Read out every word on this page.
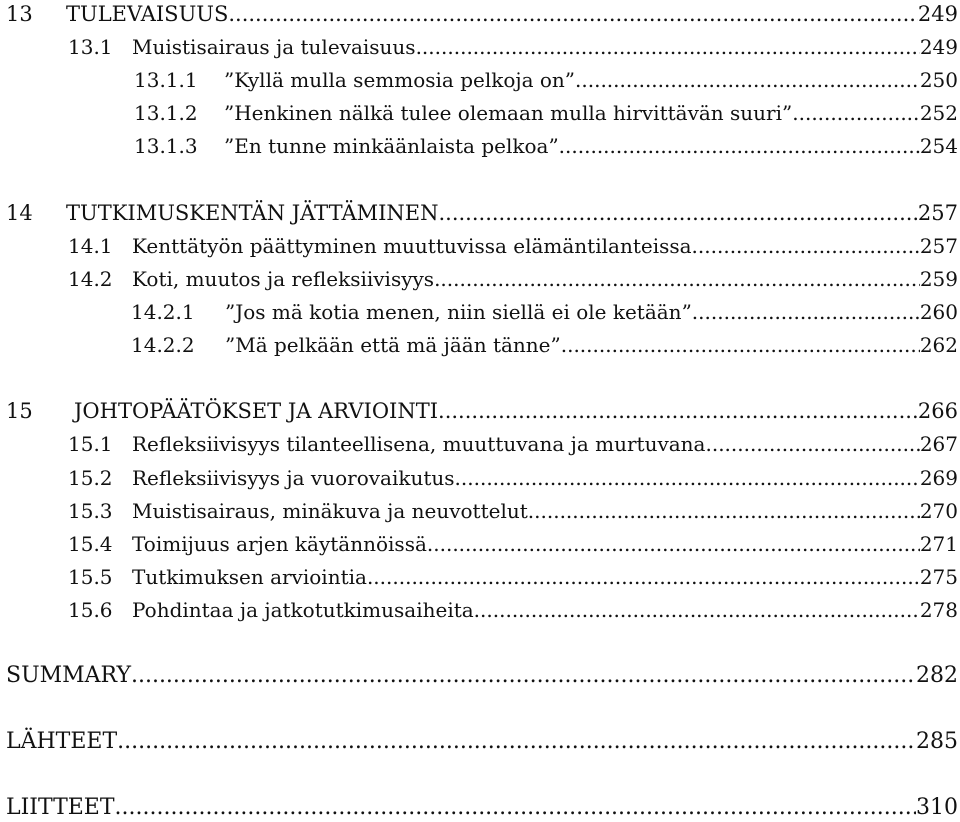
13	TULEVAISUUS .....	249
13.1 Muistisairaus ja tulevaisuus .....	249
13.1.1	”Kyllä mulla semmosia pelkoja on” .....	250
13.1.2	”Henkinen nälkä tulee olemaan mulla hirvittävän suuri” .....	252
13.1.3	”En tunne minkäänlaista pelkoa” .....	254
14	TUTKIMUSKENTÄN JÄTTÄMINEN .....	257
14.1 Kenttätyön päättyminen muuttuvissa elämäntilanteissa .....	257
14.2 Koti, muutos ja refleksiivisyys .....	259
14.2.1	”Jos mä kotia menen, niin siellä ei ole ketään” .....	260
14.2.2	”Mä pelkään että mä jään tänne” .....	262
15	JOHTOPÄÄTÖKSET JA ARVIOINTI .....	266
15.1 Refleksiivisyys tilanteellisena, muuttuvana ja murtuvana .....	267
15.2 Refleksiivisyys ja vuorovaikutus .....	269
15.3 Muistisairaus, minäkuva ja neuvottelut .....	270
15.4 Toimijuus arjen käytännöissä .....	271
15.5 Tutkimuksen arviointia .....	275
15.6 Pohdintaa ja jatkotutkimusaiheita .....	278
SUMMARY .....	282
LÄHTEET .....	285
LIITTEET .....	310
